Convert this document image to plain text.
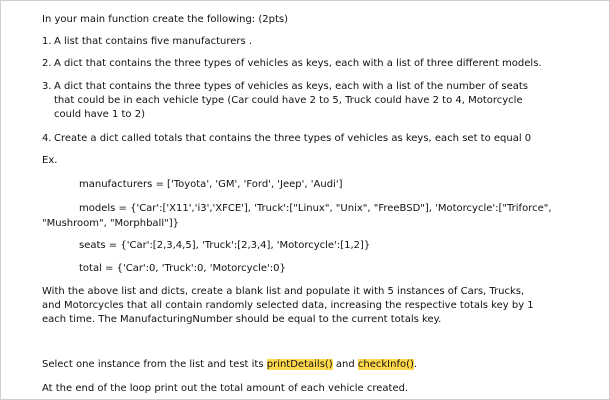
In your main function create the following: (2pts)

1. A list that contains five manufacturers .
2. A dict that contains the three types of vehicles as keys, each with a list of three different models.
3. A dict that contains the three types of vehicles as keys, each with a list of the number of seats that could be in each vehicle type (Car could have 2 to 5, Truck could have 2 to 4, Motorcycle could have 1 to 2)
4. Create a dict called totals that contains the three types of vehicles as keys, each set to equal 0

Ex.

manufacturers = ['Toyota', 'GM', 'Ford', 'Jeep', 'Audi']
models = {'Car':['X11','i3','XFCE'], 'Truck':["Linux", "Unix", "FreeBSD"], 'Motorcycle':["Triforce",
"Mushroom", "Morphball"]}
seats = {'Car':[2,3,4,5], 'Truck':[2,3,4], 'Motorcycle':[1,2]}
total = {'Car':0, 'Truck':0, 'Motorcycle':0}
With the above list and dicts, create a blank list and populate it with 5 instances of Cars, Trucks, and Motorcycles that all contain randomly selected data, increasing the respective totals key by 1 each time. The ManufacturingNumber should be equal to the current totals key.

Select one instance from the list and test its printDetails() and checkInfo().

At the end of the loop print out the total amount of each vehicle created.
